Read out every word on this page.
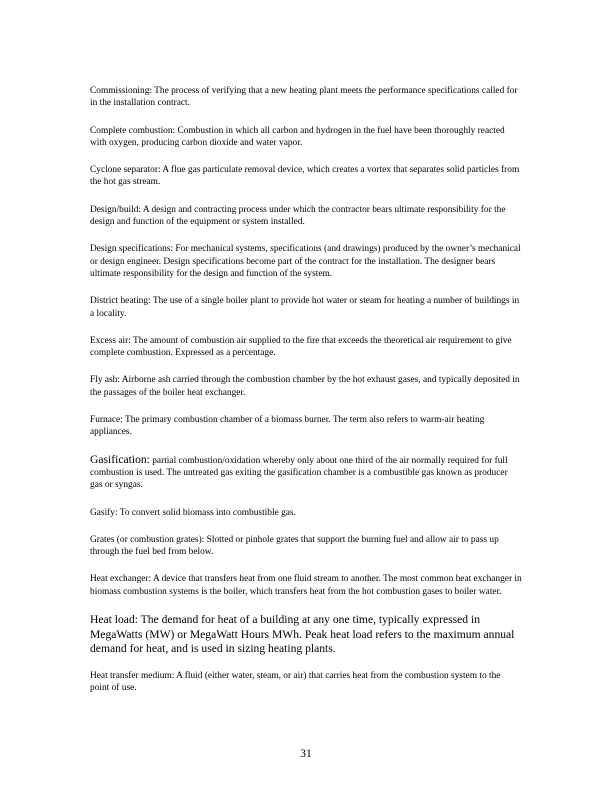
Commissioning: The process of verifying that a new heating plant meets the performance specifications called for in the installation contract.

Complete combustion: Combustion in which all carbon and hydrogen in the fuel have been thoroughly reacted with oxygen, producing carbon dioxide and water vapor.

Cyclone separator: A flue gas particulate removal device, which creates a vortex that separates solid particles from the hot gas stream.

Design/build: A design and contracting process under which the contractor bears ultimate responsibility for the design and function of the equipment or system installed.

Design specifications: For mechanical systems, specifications (and drawings) produced by the owner’s mechanical or design engineer. Design specifications become part of the contract for the installation. The designer bears ultimate responsibility for the design and function of the system.

District heating: The use of a single boiler plant to provide hot water or steam for heating a number of buildings in a locality.

Excess air: The amount of combustion air supplied to the fire that exceeds the theoretical air requirement to give complete combustion. Expressed as a percentage.

Fly ash: Airborne ash carried through the combustion chamber by the hot exhaust gases, and typically deposited in the passages of the boiler heat exchanger.

Furnace: The primary combustion chamber of a biomass burner. The term also refers to warm-air heating appliances.

Gasification: partial combustion/oxidation whereby only about one third of the air normally required for full combustion is used. The untreated gas exiting the gasification chamber is a combustible gas known as producer gas or syngas.

Gasify: To convert solid biomass into combustible gas.

Grates (or combustion grates): Slotted or pinhole grates that support the burning fuel and allow air to pass up through the fuel bed from below.

Heat exchanger: A device that transfers heat from one fluid stream to another. The most common heat exchanger in biomass combustion systems is the boiler, which transfers heat from the hot combustion gases to boiler water.

Heat load: The demand for heat of a building at any one time, typically expressed in MegaWatts (MW) or MegaWatt Hours MWh. Peak heat load refers to the maximum annual demand for heat, and is used in sizing heating plants.

Heat transfer medium: A fluid (either water, steam, or air) that carries heat from the combustion system to the point of use.

31
